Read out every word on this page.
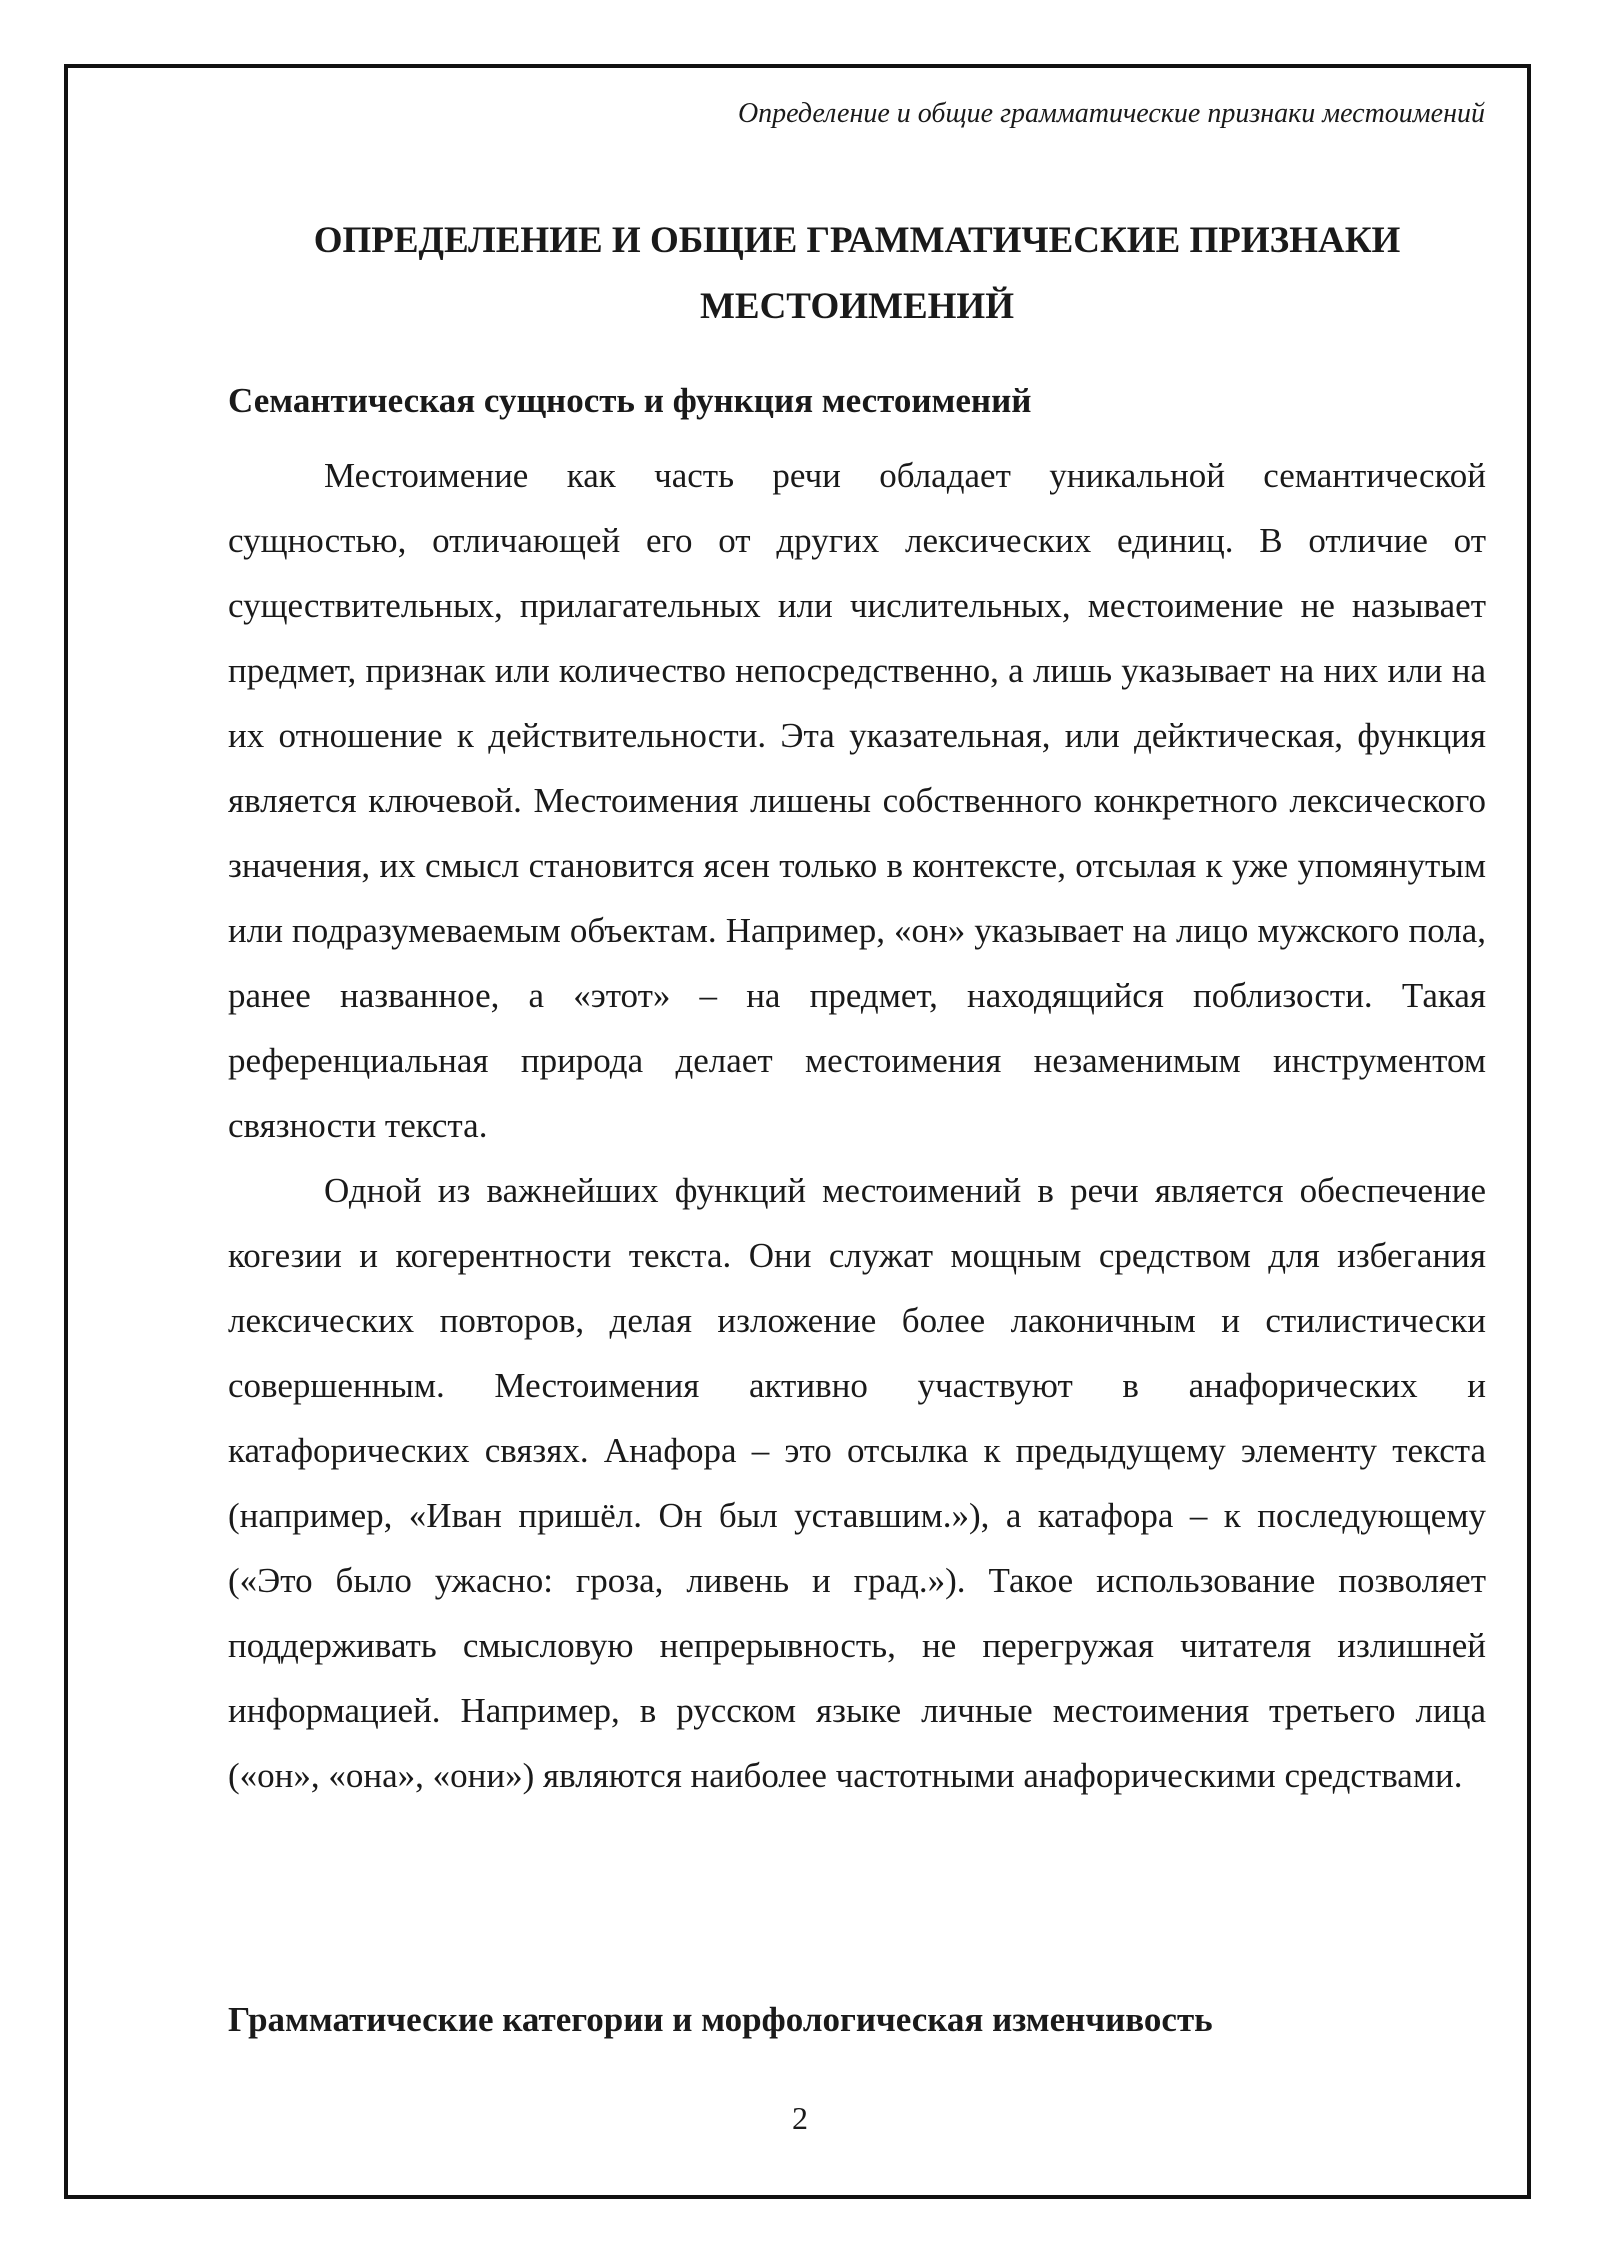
Определение и общие грамматические признаки местоимений
ОПРЕДЕЛЕНИЕ И ОБЩИЕ ГРАММАТИЧЕСКИЕ ПРИЗНАКИ МЕСТОИМЕНИЙ
Семантическая сущность и функция местоимений

Местоимение как часть речи обладает уникальной семантической сущностью, отличающей его от других лексических единиц. В отличие от существительных, прилагательных или числительных, местоимение не называет предмет, признак или количество непосредственно, а лишь указывает на них или на их отношение к действительности. Эта указательная, или дейктическая, функция является ключевой. Местоимения лишены собственного конкретного лексического значения, их смысл становится ясен только в контексте, отсылая к уже упомянутым или подразумеваемым объектам. Например, «он» указывает на лицо мужского пола, ранее названное, а «этот» – на предмет, находящийся поблизости. Такая референциальная природа делает местоимения незаменимым инструментом связности текста.

Одной из важнейших функций местоимений в речи является обеспечение когезии и когерентности текста. Они служат мощным средством для избегания лексических повторов, делая изложение более лаконичным и стилистически совершенным. Местоимения активно участвуют в анафорических и катафорических связях. Анафора – это отсылка к предыдущему элементу текста (например, «Иван пришёл. Он был уставшим.»), а катафора – к последующему («Это было ужасно: гроза, ливень и град.»). Такое использование позволяет поддерживать смысловую непрерывность, не перегружая читателя излишней информацией. Например, в русском языке личные местоимения третьего лица («он», «она», «они») являются наиболее частотными анафорическими средствами.

Грамматические категории и морфологическая изменчивость
2
